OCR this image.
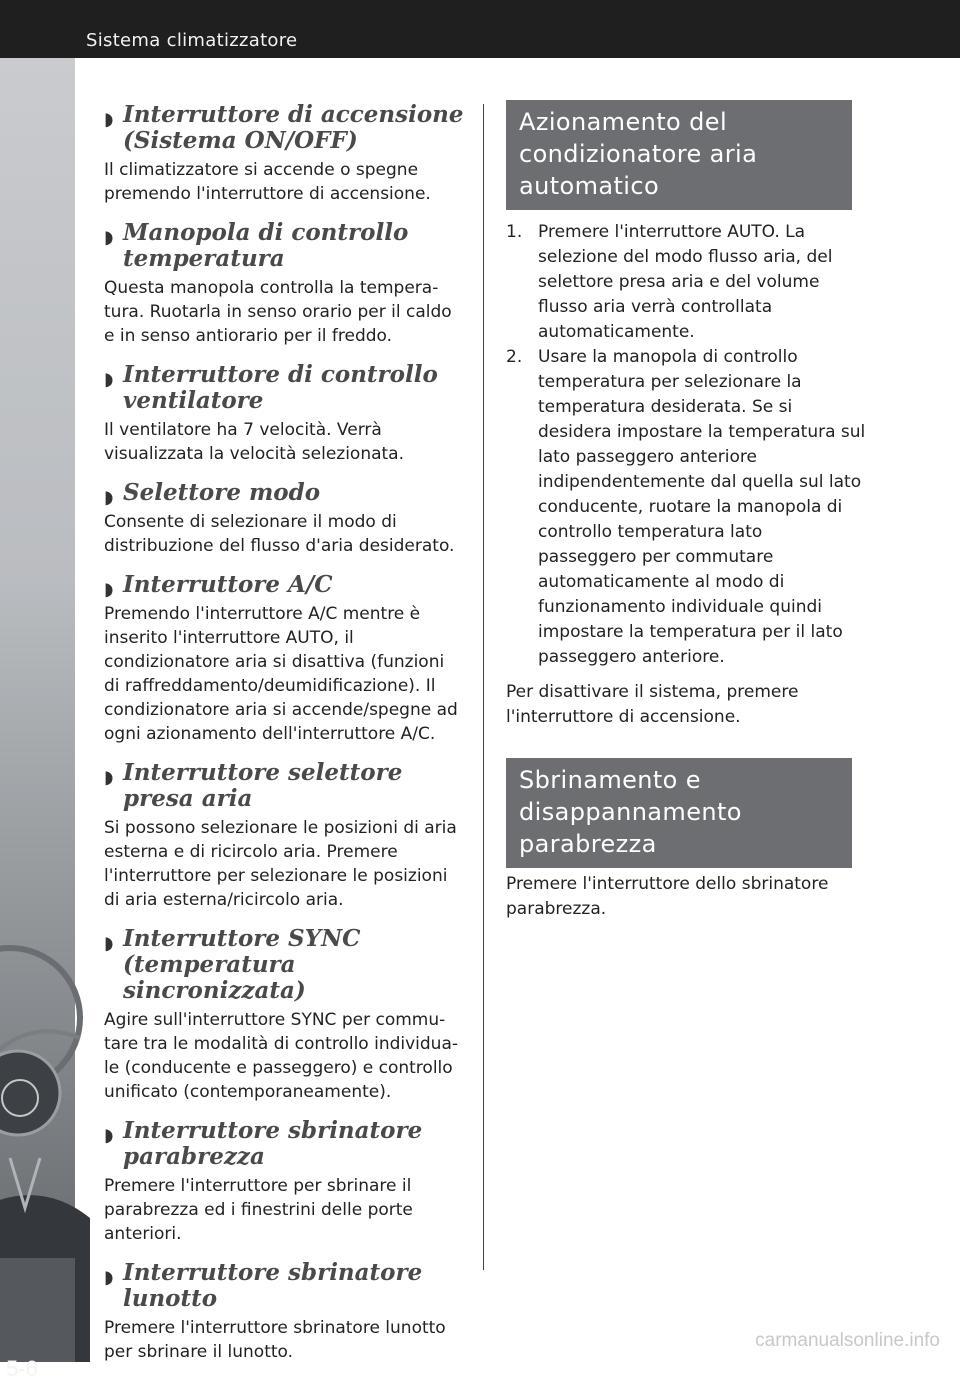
Sistema climatizzatore
5-6
◗ Interruttore di accensione (Sistema ON/OFF)
Il climatizzatore si accende o spegne premendo l'interruttore di accensione.
◗ Manopola di controllo temperatura
Questa manopola controlla la tempera-tura. Ruotarla in senso orario per il caldo e in senso antiorario per il freddo.
◗ Interruttore di controllo ventilatore
Il ventilatore ha 7 velocità. Verrà visualizzata la velocità selezionata.
◗ Selettore modo
Consente di selezionare il modo di distribuzione del flusso d'aria desiderato.
◗ Interruttore A/C
Premendo l'interruttore A/C mentre è inserito l'interruttore AUTO, il condizionatore aria si disattiva (funzioni di raffreddamento/deumidificazione). Il condizionatore aria si accende/spegne ad ogni azionamento dell'interruttore A/C.
◗ Interruttore selettore presa aria
Si possono selezionare le posizioni di aria esterna e di ricircolo aria. Premere l'interruttore per selezionare le posizioni di aria esterna/ricircolo aria.
◗ Interruttore SYNC (temperatura sincronizzata)
Agire sull'interruttore SYNC per commu-tare tra le modalità di controllo individua-le (conducente e passeggero) e controllo unificato (contemporaneamente).
◗ Interruttore sbrinatore parabrezza
Premere l'interruttore per sbrinare il parabrezza ed i finestrini delle porte anteriori.
◗ Interruttore sbrinatore lunotto
Premere l'interruttore sbrinatore lunotto per sbrinare il lunotto.
Azionamento del condizionatore aria automatico
1. Premere l'interruttore AUTO. La selezione del modo flusso aria, del selettore presa aria e del volume flusso aria verrà controllata automaticamente.
2. Usare la manopola di controllo temperatura per selezionare la temperatura desiderata. Se si desidera impostare la temperatura sul lato passeggero anteriore indipendentemente dal quella sul lato conducente, ruotare la manopola di controllo temperatura lato passeggero per commutare automaticamente al modo di funzionamento individuale quindi impostare la temperatura per il lato passeggero anteriore.
Per disattivare il sistema, premere l'interruttore di accensione.
Sbrinamento e disappannamento parabrezza
Premere l'interruttore dello sbrinatore parabrezza.
carmanualsonline.info
